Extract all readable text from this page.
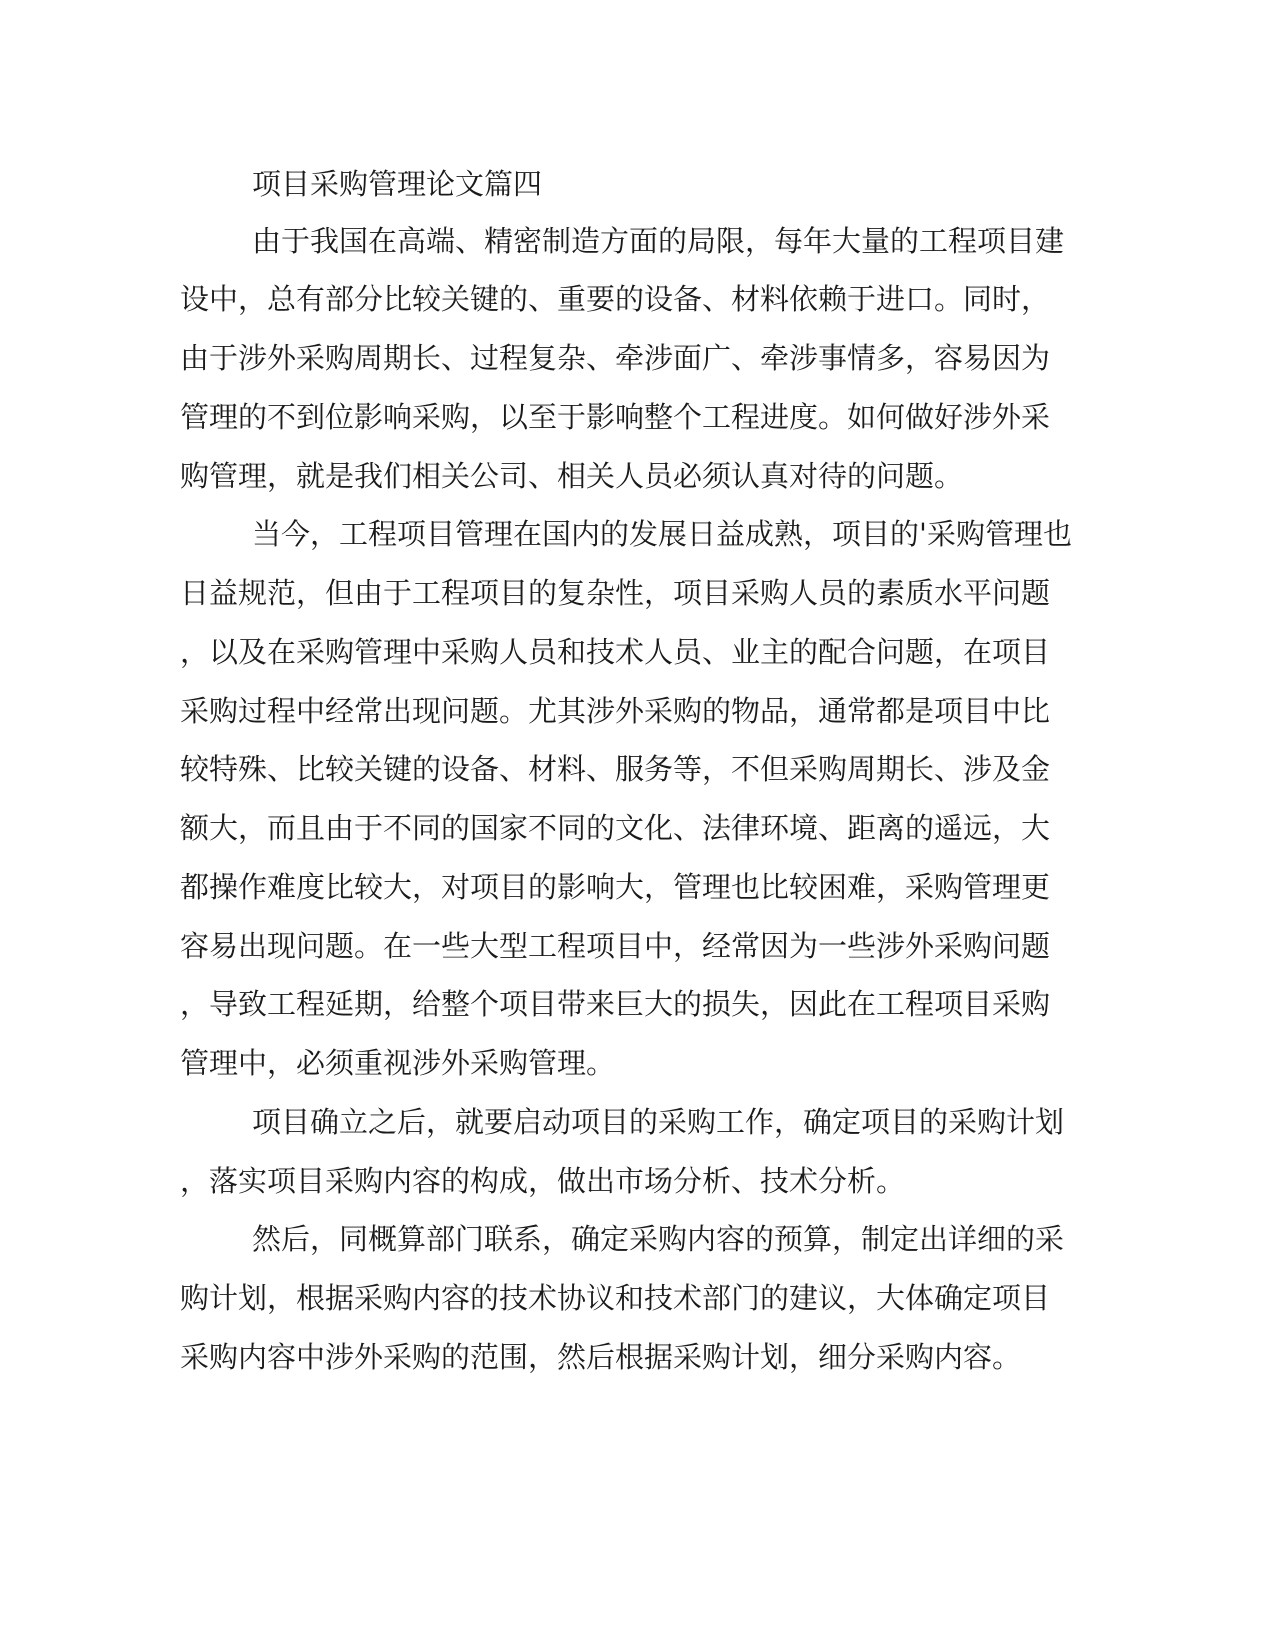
项目采购管理论文篇四
由于我国在高端、精密制造方面的局限，每年大量的工程项目建
设中，总有部分比较关键的、重要的设备、材料依赖于进口。同时，
由于涉外采购周期长、过程复杂、牵涉面广、牵涉事情多，容易因为
管理的不到位影响采购，以至于影响整个工程进度。如何做好涉外采
购管理，就是我们相关公司、相关人员必须认真对待的问题。
当今，工程项目管理在国内的发展日益成熟，项目的'采购管理也
日益规范，但由于工程项目的复杂性，项目采购人员的素质水平问题
，以及在采购管理中采购人员和技术人员、业主的配合问题，在项目
采购过程中经常出现问题。尤其涉外采购的物品，通常都是项目中比
较特殊、比较关键的设备、材料、服务等，不但采购周期长、涉及金
额大，而且由于不同的国家不同的文化、法律环境、距离的遥远，大
都操作难度比较大，对项目的影响大，管理也比较困难，采购管理更
容易出现问题。在一些大型工程项目中，经常因为一些涉外采购问题
，导致工程延期，给整个项目带来巨大的损失，因此在工程项目采购
管理中，必须重视涉外采购管理。
项目确立之后，就要启动项目的采购工作，确定项目的采购计划
，落实项目采购内容的构成，做出市场分析、技术分析。
然后，同概算部门联系，确定采购内容的预算，制定出详细的采
购计划，根据采购内容的技术协议和技术部门的建议，大体确定项目
采购内容中涉外采购的范围，然后根据采购计划，细分采购内容。
